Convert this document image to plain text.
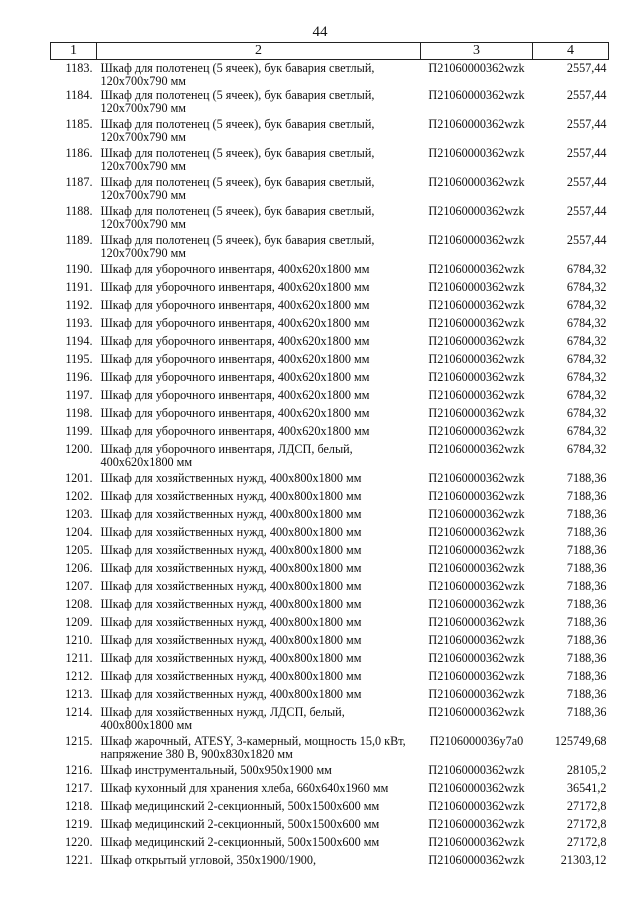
44
1	2	3	4
1183.	Шкаф для полотенец (5 ячеек), бук бавария светлый, 120х700х790 мм	П21060000362wzk	2557,44
1184.	Шкаф для полотенец (5 ячеек), бук бавария светлый, 120х700х790 мм	П21060000362wzk	2557,44
1185.	Шкаф для полотенец (5 ячеек), бук бавария светлый, 120х700х790 мм	П21060000362wzk	2557,44
1186.	Шкаф для полотенец (5 ячеек), бук бавария светлый, 120х700х790 мм	П21060000362wzk	2557,44
1187.	Шкаф для полотенец (5 ячеек), бук бавария светлый, 120х700х790 мм	П21060000362wzk	2557,44
1188.	Шкаф для полотенец (5 ячеек), бук бавария светлый, 120х700х790 мм	П21060000362wzk	2557,44
1189.	Шкаф для полотенец (5 ячеек), бук бавария светлый, 120х700х790 мм	П21060000362wzk	2557,44
1190.	Шкаф для уборочного инвентаря, 400х620х1800 мм	П21060000362wzk	6784,32
1191.	Шкаф для уборочного инвентаря, 400х620х1800 мм	П21060000362wzk	6784,32
1192.	Шкаф для уборочного инвентаря, 400х620х1800 мм	П21060000362wzk	6784,32
1193.	Шкаф для уборочного инвентаря, 400х620х1800 мм	П21060000362wzk	6784,32
1194.	Шкаф для уборочного инвентаря, 400х620х1800 мм	П21060000362wzk	6784,32
1195.	Шкаф для уборочного инвентаря, 400х620х1800 мм	П21060000362wzk	6784,32
1196.	Шкаф для уборочного инвентаря, 400х620х1800 мм	П21060000362wzk	6784,32
1197.	Шкаф для уборочного инвентаря, 400х620х1800 мм	П21060000362wzk	6784,32
1198.	Шкаф для уборочного инвентаря, 400х620х1800 мм	П21060000362wzk	6784,32
1199.	Шкаф для уборочного инвентаря, 400х620х1800 мм	П21060000362wzk	6784,32
1200.	Шкаф для уборочного инвентаря, ЛДСП, белый, 400х620х1800 мм	П21060000362wzk	6784,32
1201.	Шкаф для хозяйственных нужд, 400х800х1800 мм	П21060000362wzk	7188,36
1202.	Шкаф для хозяйственных нужд, 400х800х1800 мм	П21060000362wzk	7188,36
1203.	Шкаф для хозяйственных нужд, 400х800х1800 мм	П21060000362wzk	7188,36
1204.	Шкаф для хозяйственных нужд, 400х800х1800 мм	П21060000362wzk	7188,36
1205.	Шкаф для хозяйственных нужд, 400х800х1800 мм	П21060000362wzk	7188,36
1206.	Шкаф для хозяйственных нужд, 400х800х1800 мм	П21060000362wzk	7188,36
1207.	Шкаф для хозяйственных нужд, 400х800х1800 мм	П21060000362wzk	7188,36
1208.	Шкаф для хозяйственных нужд, 400х800х1800 мм	П21060000362wzk	7188,36
1209.	Шкаф для хозяйственных нужд, 400х800х1800 мм	П21060000362wzk	7188,36
1210.	Шкаф для хозяйственных нужд, 400х800х1800 мм	П21060000362wzk	7188,36
1211.	Шкаф для хозяйственных нужд, 400х800х1800 мм	П21060000362wzk	7188,36
1212.	Шкаф для хозяйственных нужд, 400х800х1800 мм	П21060000362wzk	7188,36
1213.	Шкаф для хозяйственных нужд, 400х800х1800 мм	П21060000362wzk	7188,36
1214.	Шкаф для хозяйственных нужд, ЛДСП, белый, 400х800х1800 мм	П21060000362wzk	7188,36
1215.	Шкаф жарочный, ATESY, 3-камерный, мощность 15,0 кВт, напряжение 380 В, 900х830х1820 мм	П2106000036у7а0	125749,68
1216.	Шкаф инструментальный, 500х950х1900 мм	П21060000362wzk	28105,2
1217.	Шкаф кухонный для хранения хлеба, 660х640х1960 мм	П21060000362wzk	36541,2
1218.	Шкаф медицинский 2-секционный, 500х1500х600 мм	П21060000362wzk	27172,8
1219.	Шкаф медицинский 2-секционный, 500х1500х600 мм	П21060000362wzk	27172,8
1220.	Шкаф медицинский 2-секционный, 500х1500х600 мм	П21060000362wzk	27172,8
1221.	Шкаф открытый угловой, 350х1900/1900,	П21060000362wzk	21303,12
